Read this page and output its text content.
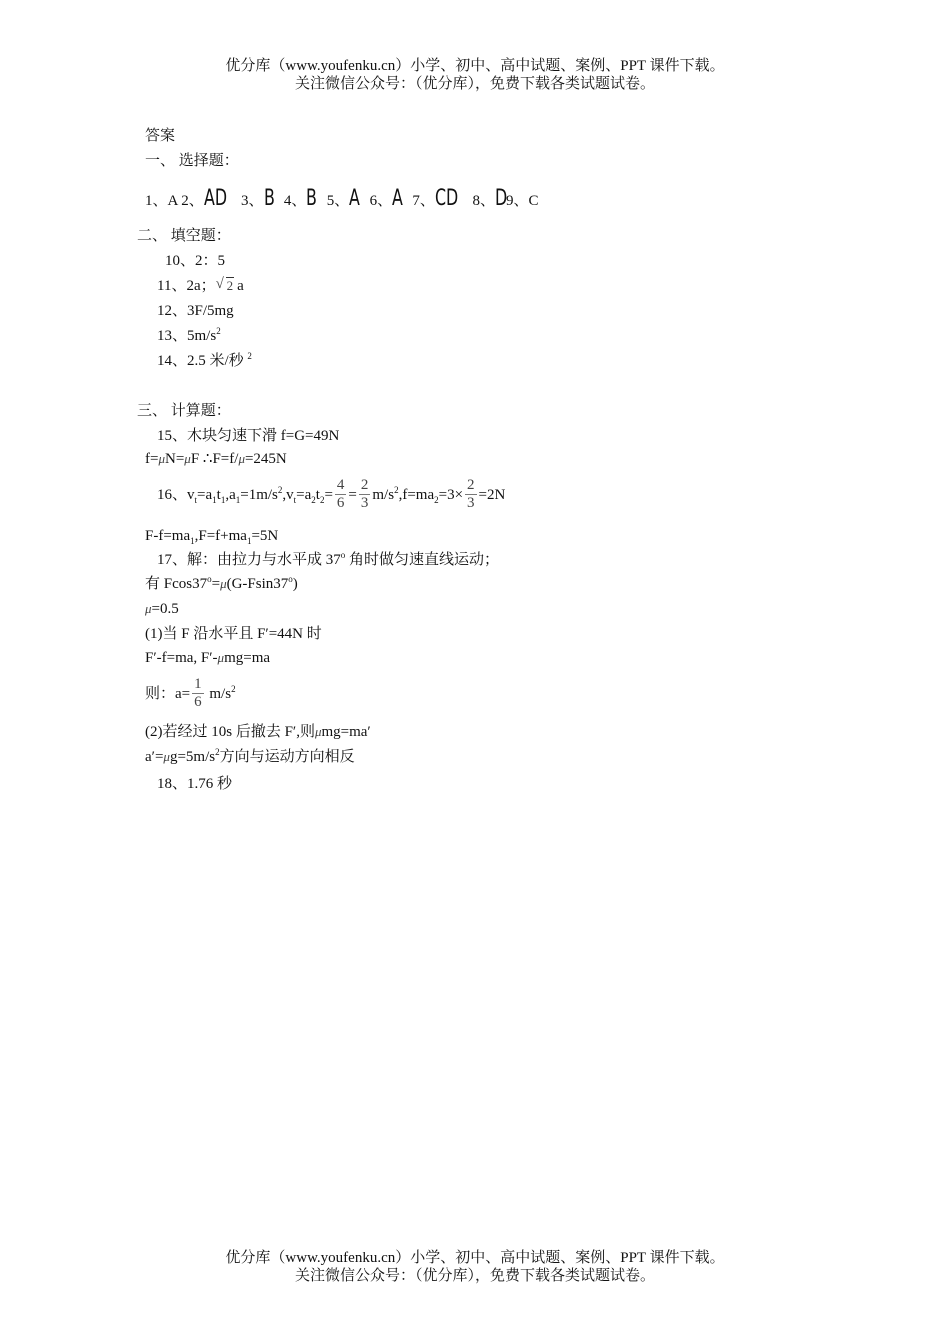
优分库（www.youfenku.cn）小学、初中、高中试题、案例、PPT 课件下载。
关注微信公众号：（优分库），免费下载各类试题试卷。
答案
一、 选择题：
1、A 2、AD 3、B 4、B 5、A 6、A 7、CD 8、D9、C
二、 填空题：
10、2：5
11、2a； √ 2 a
12、3F/5mg
13、$5m/s^2$
14、2.5 米/秒 $^2$
三、 计算题：
15、木块匀速下滑 f=G=49N
f=μN=μF ∴F=f/μ=245N
16、$v_t=a_1t_1,a_1=1m/s^2,v_t=a_2t_2= \frac{4}{6} = \frac{2}{3} m/s^2,f=ma_2=3\times \frac{2}{3} =2N$
$F-f=ma_1,F=f+ma_1=5N$
17、解：由拉力与水平成 37$^o$ 角时做匀速直线运动；
有 $Fcos37^o=\mu(G-Fsin37^o)$
μ=0.5
(1)当 F 沿水平且 F′=44N 时
F′-f=ma, F′-μmg=ma
则：$a= \frac{1}{6} m/s^2$
(2)若经过 10s 后撤去 F′,则μmg=ma′
$a'=\mu g=5m/s^2$方向与运动方向相反
18、1.76 秒
优分库（www.youfenku.cn）小学、初中、高中试题、案例、PPT 课件下载。
关注微信公众号：（优分库），免费下载各类试题试卷。
